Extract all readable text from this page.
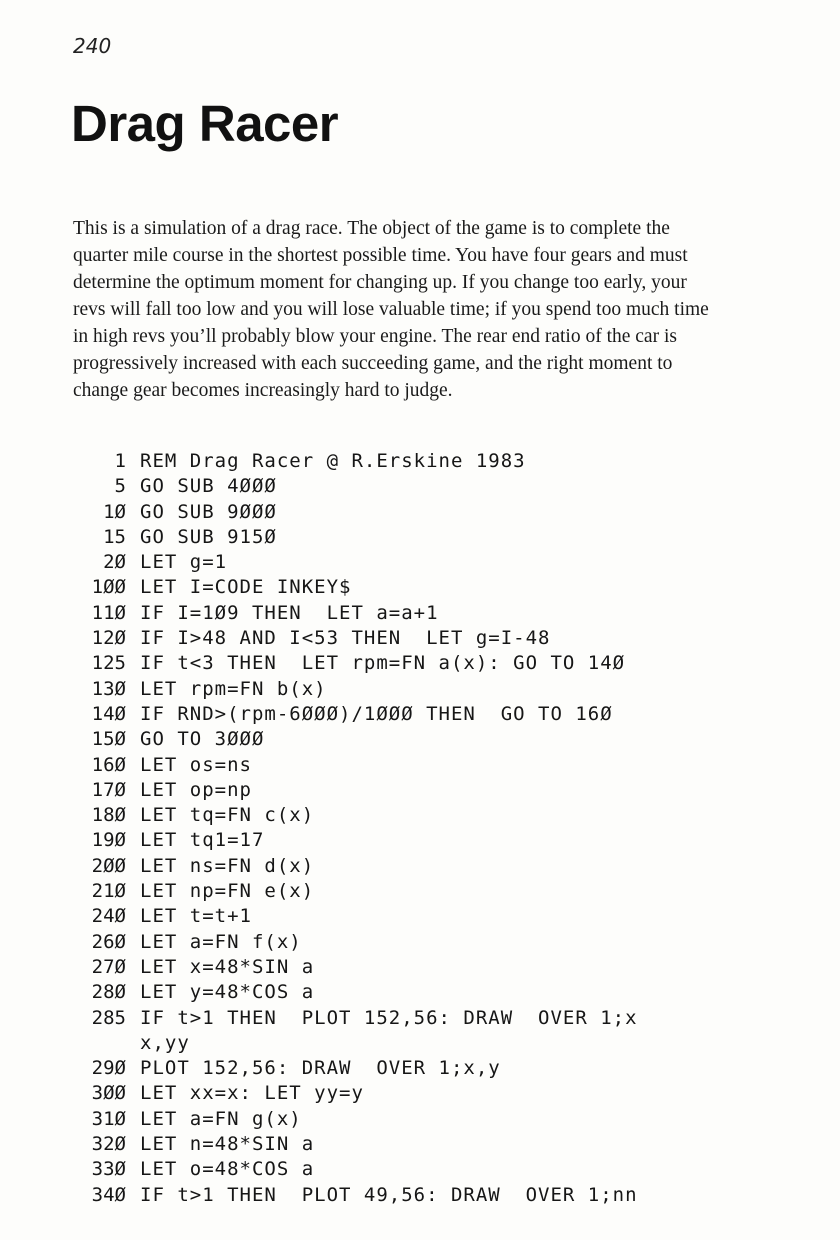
240
Drag Racer

This is a simulation of a drag race. The object of the game is to complete the quarter mile course in the shortest possible time. You have four gears and must determine the optimum moment for changing up. If you change too early, your revs will fall too low and you will lose valuable time; if you spend too much time in high revs you’ll probably blow your engine. The rear end ratio of the car is progressively increased with each succeeding game, and the right moment to change gear becomes increasingly hard to judge.

1 REM Drag Racer @ R.Erskine 1983
5 GO SUB 4ØØØ
1Ø GO SUB 9ØØØ
15 GO SUB 915Ø
2Ø LET g=1
1ØØ LET I=CODE INKEY$
11Ø IF I=1Ø9 THEN  LET a=a+1
12Ø IF I>48 AND I<53 THEN  LET g=I-48
125 IF t<3 THEN  LET rpm=FN a(x): GO TO 14Ø
13Ø LET rpm=FN b(x)
14Ø IF RND>(rpm-6ØØØ)/1ØØØ THEN  GO TO 16Ø
15Ø GO TO 3ØØØ
16Ø LET os=ns
17Ø LET op=np
18Ø LET tq=FN c(x)
19Ø LET tq1=17
2ØØ LET ns=FN d(x)
21Ø LET np=FN e(x)
24Ø LET t=t+1
26Ø LET a=FN f(x)
27Ø LET x=48*SIN a
28Ø LET y=48*COS a
285 IF t>1 THEN  PLOT 152,56: DRAW  OVER 1;x
x,yy
29Ø PLOT 152,56: DRAW  OVER 1;x,y
3ØØ LET xx=x: LET yy=y
31Ø LET a=FN g(x)
32Ø LET n=48*SIN a
33Ø LET o=48*COS a
34Ø IF t>1 THEN  PLOT 49,56: DRAW  OVER 1;nn
